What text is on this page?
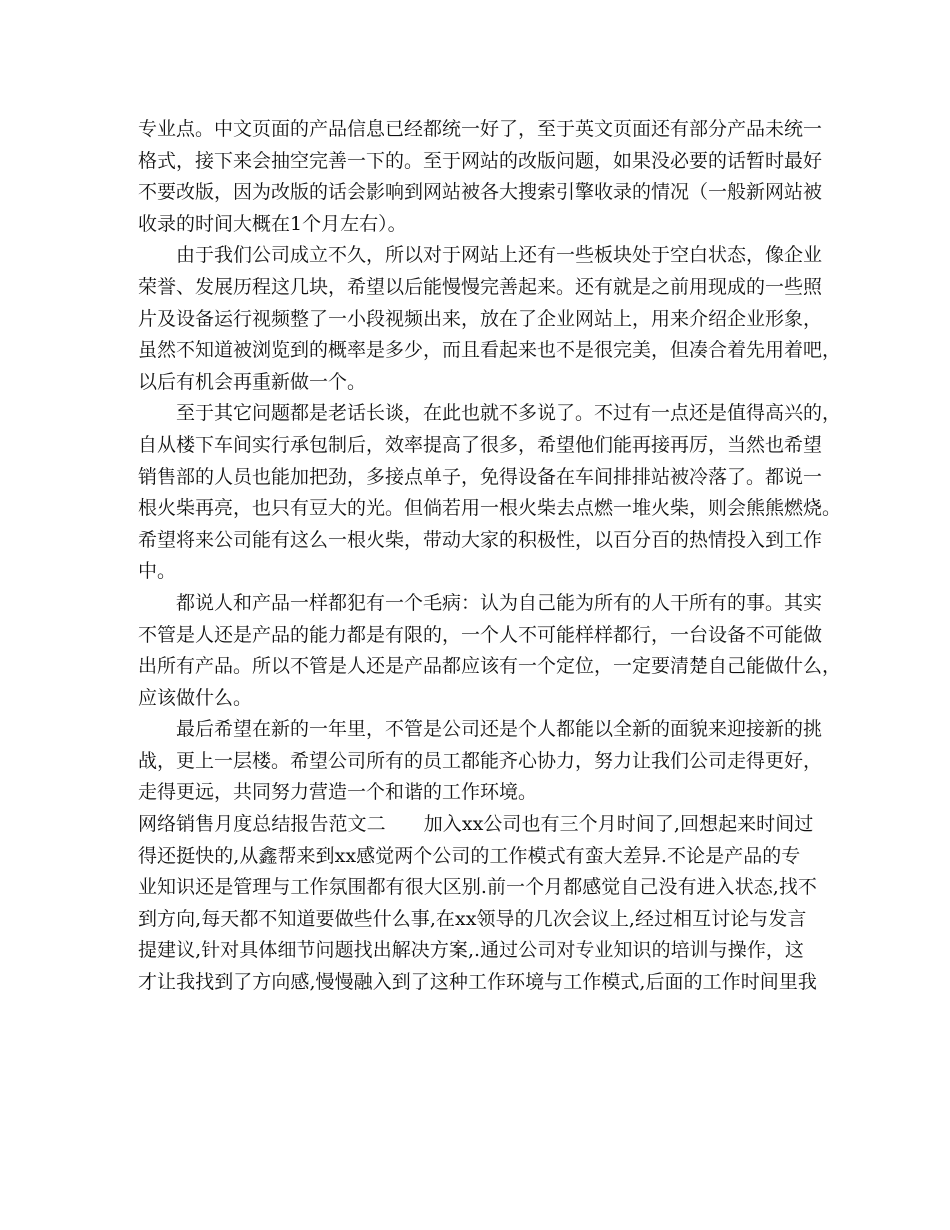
专业点。中文页面的产品信息已经都统一好了，至于英文页面还有部分产品未统一
格式，接下来会抽空完善一下的。至于网站的改版问题，如果没必要的话暂时最好
不要改版，因为改版的话会影响到网站被各大搜索引擎收录的情况（一般新网站被
收录的时间大概在1个月左右）。

由于我们公司成立不久，所以对于网站上还有一些板块处于空白状态，像企业
荣誉、发展历程这几块，希望以后能慢慢完善起来。还有就是之前用现成的一些照
片及设备运行视频整了一小段视频出来，放在了企业网站上，用来介绍企业形象，
虽然不知道被浏览到的概率是多少，而且看起来也不是很完美，但凑合着先用着吧，
以后有机会再重新做一个。

至于其它问题都是老话长谈，在此也就不多说了。不过有一点还是值得高兴的，
自从楼下车间实行承包制后，效率提高了很多，希望他们能再接再厉，当然也希望
销售部的人员也能加把劲，多接点单子，免得设备在车间排排站被冷落了。都说一
根火柴再亮，也只有豆大的光。但倘若用一根火柴去点燃一堆火柴，则会熊熊燃烧。
希望将来公司能有这么一根火柴，带动大家的积极性，以百分百的热情投入到工作
中。

都说人和产品一样都犯有一个毛病：认为自己能为所有的人干所有的事。其实
不管是人还是产品的能力都是有限的，一个人不可能样样都行，一台设备不可能做
出所有产品。所以不管是人还是产品都应该有一个定位，一定要清楚自己能做什么，
应该做什么。

最后希望在新的一年里，不管是公司还是个人都能以全新的面貌来迎接新的挑
战，更上一层楼。希望公司所有的员工都能齐心协力，努力让我们公司走得更好，
走得更远，共同努力营造一个和谐的工作环境。

网络销售月度总结报告范文二　　加入xx公司也有三个月时间了,回想起来时间过
得还挺快的,从鑫帮来到xx感觉两个公司的工作模式有蛮大差异.不论是产品的专
业知识还是管理与工作氛围都有很大区别.前一个月都感觉自己没有进入状态,找不
到方向,每天都不知道要做些什么事,在xx领导的几次会议上,经过相互讨论与发言
提建议,针对具体细节问题找出解决方案,.通过公司对专业知识的培训与操作，这
才让我找到了方向感,慢慢融入到了这种工作环境与工作模式,后面的工作时间里我
